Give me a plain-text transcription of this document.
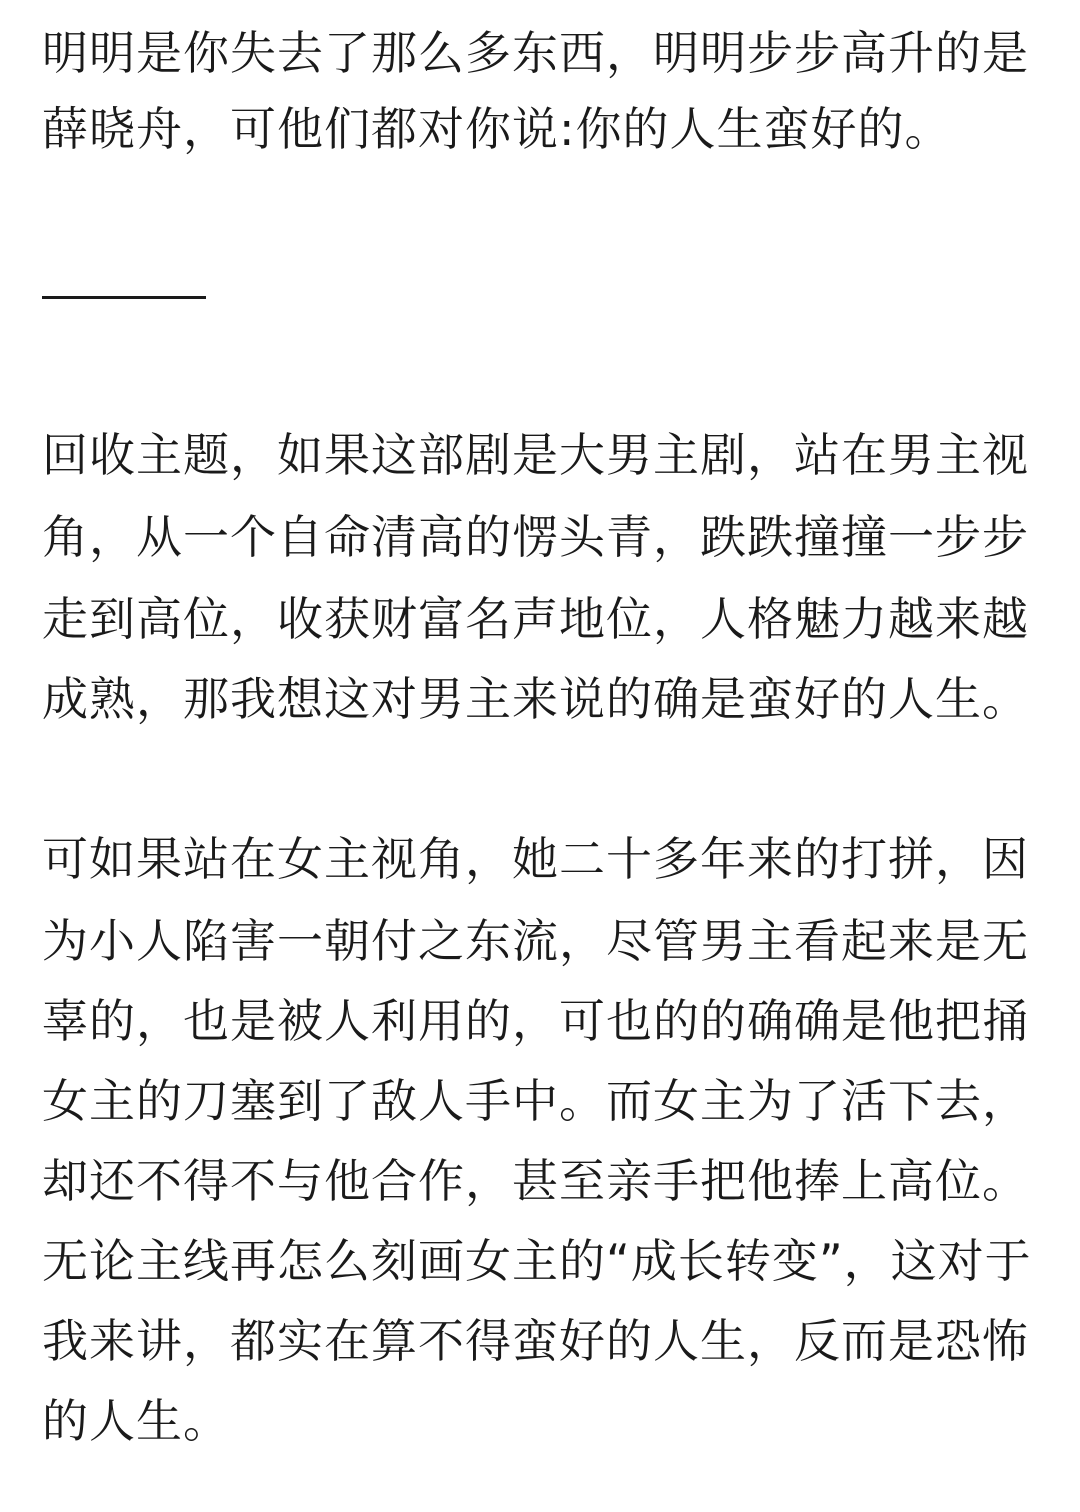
明明是你失去了那么多东西，明明步步高升的是
薛晓舟，可他们都对你说:你的人生蛮好的。
回收主题，如果这部剧是大男主剧，站在男主视
角，从一个自命清高的愣头青，跌跌撞撞一步步
走到高位，收获财富名声地位，人格魅力越来越
成熟，那我想这对男主来说的确是蛮好的人生。
可如果站在女主视角，她二十多年来的打拼，因
为小人陷害一朝付之东流，尽管男主看起来是无
辜的，也是被人利用的，可也的的确确是他把捅
女主的刀塞到了敌人手中。而女主为了活下去，
却还不得不与他合作，甚至亲手把他捧上高位。
无论主线再怎么刻画女主的“成长转变”，这对于
我来讲，都实在算不得蛮好的人生，反而是恐怖
的人生。
